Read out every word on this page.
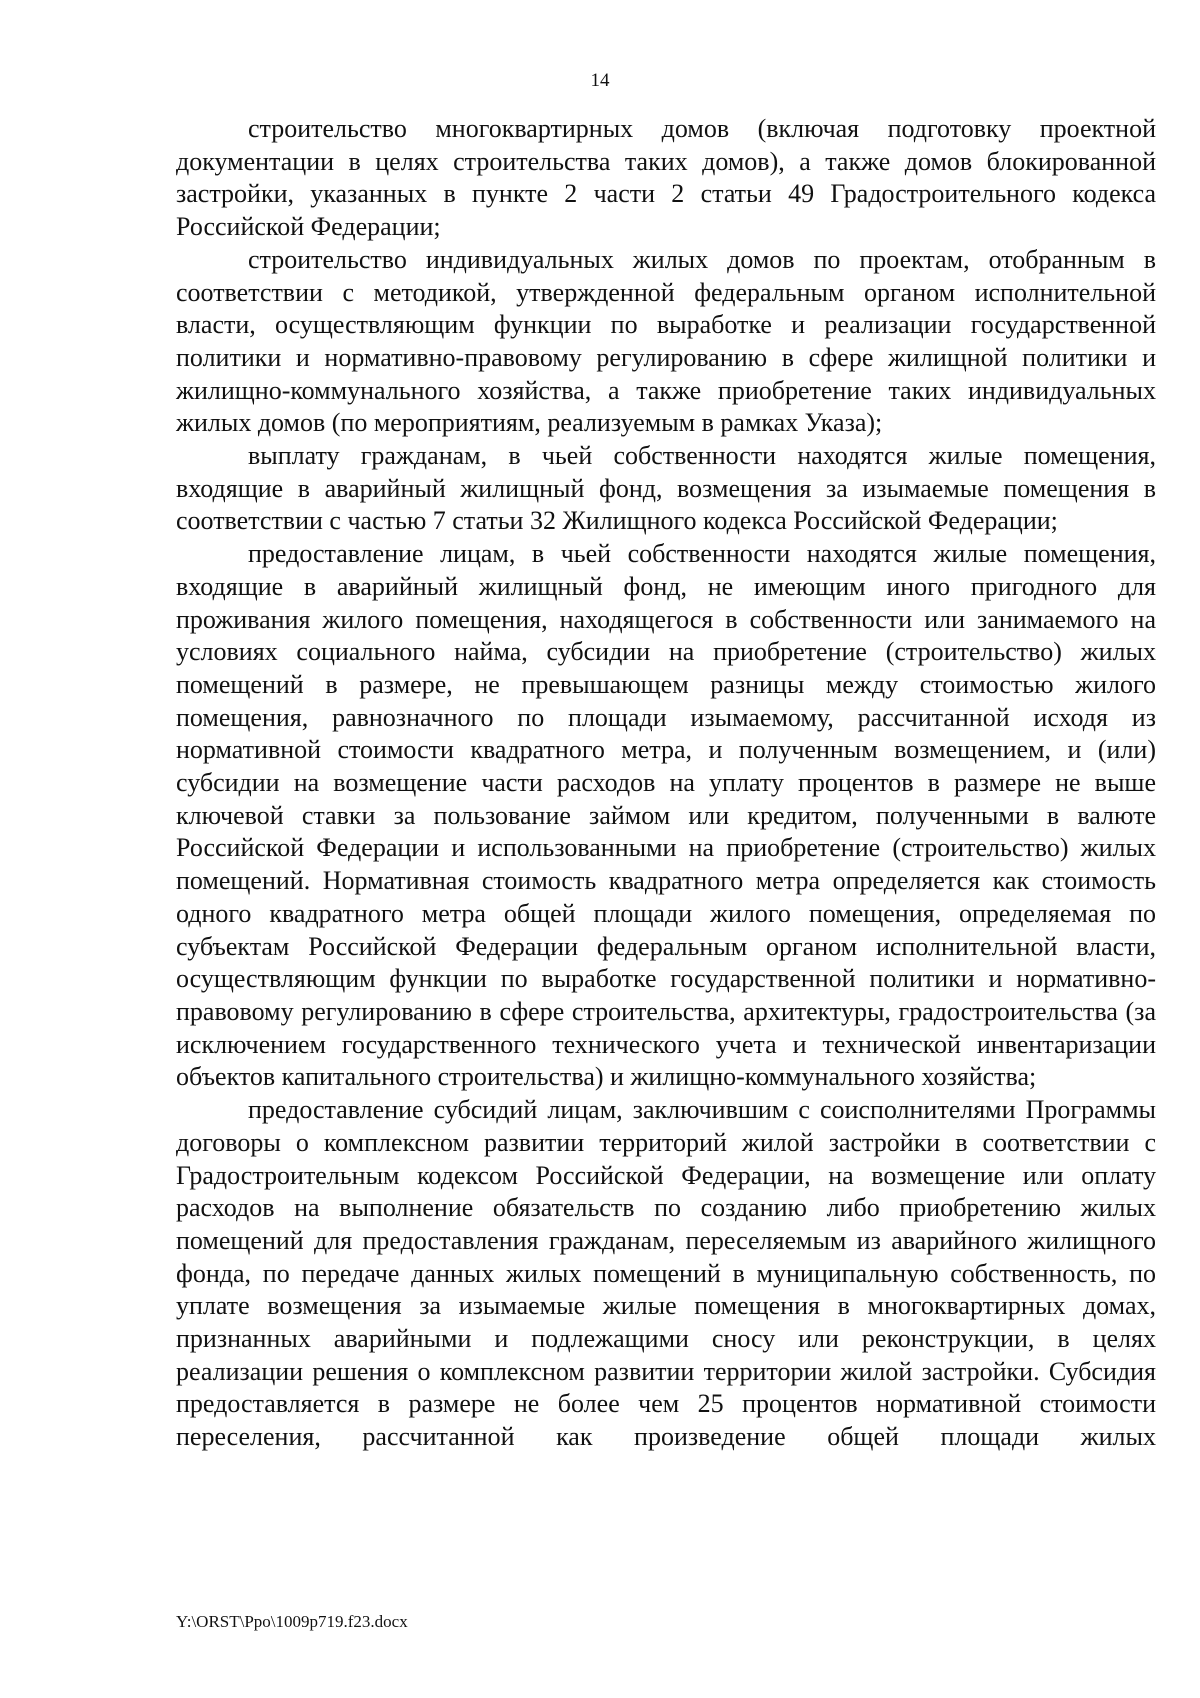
14

строительство многоквартирных домов (включая подготовку проектной документации в целях строительства таких домов), а также домов блокированной застройки, указанных в пункте 2 части 2 статьи 49 Градостроительного кодекса Российской Федерации;

строительство индивидуальных жилых домов по проектам, отобранным в соответствии с методикой, утвержденной федеральным органом исполнительной власти, осуществляющим функции по выработке и реализации государственной политики и нормативно-правовому регулированию в сфере жилищной политики и жилищно-коммунального хозяйства, а также приобретение таких индивидуальных жилых домов (по мероприятиям, реализуемым в рамках Указа);

выплату гражданам, в чьей собственности находятся жилые помещения, входящие в аварийный жилищный фонд, возмещения за изымаемые помещения в соответствии с частью 7 статьи 32 Жилищного кодекса Российской Федерации;

предоставление лицам, в чьей собственности находятся жилые помещения, входящие в аварийный жилищный фонд, не имеющим иного пригодного для проживания жилого помещения, находящегося в собственности или занимаемого на условиях социального найма, субсидии на приобретение (строительство) жилых помещений в размере, не превышающем разницы между стоимостью жилого помещения, равнозначного по площади изымаемому, рассчитанной исходя из нормативной стоимости квадратного метра, и полученным возмещением, и (или) субсидии на возмещение части расходов на уплату процентов в размере не выше ключевой ставки за пользование займом или кредитом, полученными в валюте Российской Федерации и использованными на приобретение (строительство) жилых помещений. Нормативная стоимость квадратного метра определяется как стоимость одного квадратного метра общей площади жилого помещения, определяемая по субъектам Российской Федерации федеральным органом исполнительной власти, осуществляющим функции по выработке государственной политики и нормативно-правовому регулированию в сфере строительства, архитектуры, градостроительства (за исключением государственного технического учета и технической инвентаризации объектов капитального строительства) и жилищно-коммунального хозяйства;

предоставление субсидий лицам, заключившим с соисполнителями Программы договоры о комплексном развитии территорий жилой застройки в соответствии с Градостроительным кодексом Российской Федерации, на возмещение или оплату расходов на выполнение обязательств по созданию либо приобретению жилых помещений для предоставления гражданам, переселяемым из аварийного жилищного фонда, по передаче данных жилых помещений в муниципальную собственность, по уплате возмещения за изымаемые жилые помещения в многоквартирных домах, признанных аварийными и подлежащими сносу или реконструкции, в целях реализации решения о комплексном развитии территории жилой застройки. Субсидия предоставляется в размере не более чем 25 процентов нормативной стоимости переселения, рассчитанной как произведение общей площади жилых

Y:\ORST\Ppo\1009p719.f23.docx
